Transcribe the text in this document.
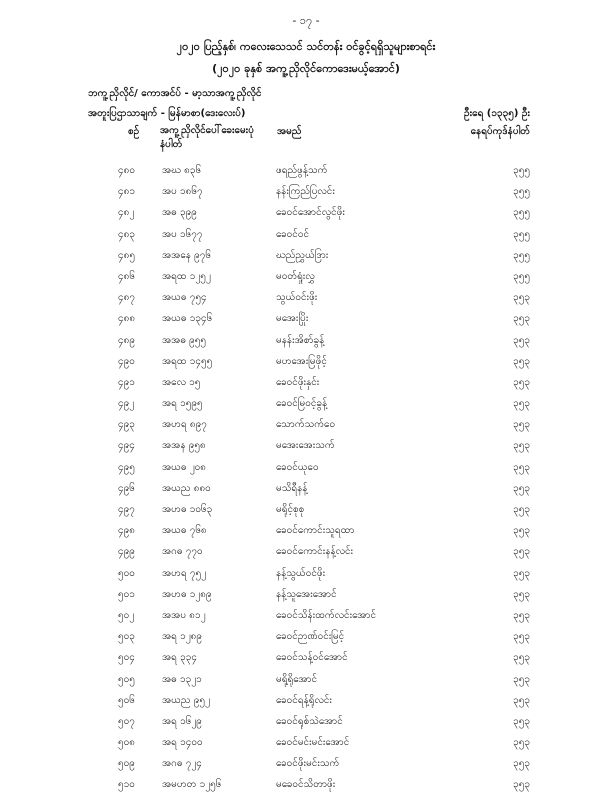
- ၁၇ -
၂၀၂၀ ပြည့်နှစ်၊ ကလေးသေသင် သင်တန်း ဝင်ခွင့်ရရှိသူများစာရင်း
(၂၀၂၀ ခုနှစ် အကူ့ညှိလိုင်ကောဒေးမယ့်အောင်)
ဘကူ့ညှိလိုင်/ ကောအင်ပ် - မာ့သာအကူ့ညှိလိုင်
အတူးပြဌာသာချက် - မြန်မာစာ(ဒေးလေးပ်)	ဦးရေ (၁၃၃၅) ဦး
စဉ် အကူ့ညှိလိုင်ပေါ်ခေးမေးပုံ နံပါတ်
အမည်	နေရပ်ကုဒ်နံပါတ်
၄၈၀	အဃ ၈၃၆	ဖရည်ဖွန့်သက်	၃၅၅
၄၈၁	အပ ၁၈၆၇	နန်းကြည်ပြလင်း	၃၅၅
၄၈၂	အဓ ၃၉၉	ခေဝင်အောင်လွင်ဖိုး	၃၅၅
၄၈၃	အပ ၁၆၇၇	ခေဝင်ဝင်	၃၅၅
၄၈၅	အအနေ ၉၇၆	ဃည်ညွှယ်ဒြား	၃၅၅
၄၈၆	အရထ ၁၂၅၂	မဝတ်ရှုံးလွှ	၃၅၅
၄၈၇	အယဓ ၇၅၄	သွယ်ဝင်းဖိုး	၃၅၃
၄၈၈	အယဓ ၁၃၄၆	မအေးပြိုး	၃၅၃
၄၈၉	အအဓ ၉၅၅	မနန်းအိစာ်ခွန့်	၃၅၃
၄၉၀	အရထ ၁၄၅၅	မဟအေးမြဖိုင့်	၃၅၃
၄၉၁	အလေ ၁၅	ခေဝင်ဖိုးနှင်း	၃၅၃
၄၉၂	အရ ၁၅၉၅	ခေဝင်မြဝင့်ခွန့်	၃၅၃
၄၉၃	အဟရ ၈၉၇	သောက်သက်ဝေ	၃၅၃
၄၉၄	အအန ၉၅၈	မအေးအေးသက်	၃၅၃
၄၉၅	အယဓ ၂၀၈	ခေဝင်ယုဝေ	၃၅၃
၄၉၆	အယည ၈၈၀	မသိရီနန့်	၃၅၃
၄၉၇	အဟဓ ၁၀၆၃	မရိုင့်စုစု	၃၅၃
၄၉၈	အယဓ ၇၆၈	ခေဝင်ကောင်းသူရထာ	၃၅၃
၄၉၉	အဂဓ ၇၇၀	ခေဝင်ကောင်းနန့်လင်း	၃၅၃
၅၀၀	အဟရ ၇၅၂	နန့်သွယ်ဝင်ဖိုး	၃၅၃
၅၀၁	အဟဓ ၁၂၈၉	နန့်သူအေးအောင်	၃၅၃
၅၀၂	အအပ ၈၁၂	ခေဝင်သိန်းထက်လင်းအောင်	၃၅၃
၅၀၃	အရ ၁၂၈၉	ခေဝင်ဉာဏ်ဝင်းမြင့်	၃၅၃
၅၀၄	အရ ၃၃၄	ခေဝင်သန့်ဝင်အောင်	၃၅၃
၅၀၅	အဓ ၁၃၂၁	မရို့ရိုအောင်	၃၅၃
၅၀၆	အယည ၉၅၂	ခေဝင်ရန့်ရိုလင်း	၃၅၃
၅၀၇	အရ ၁၆၂၉	ခေဝင်ရုစ်သဲအောင်	၃၅၃
၅၀၈	အရ ၁၄၀၀	ခေဝင်မင်းမင်းအောင်	၃၅၃
၅၀၉	အဂဓ ၇၂၄	ခေဝင်ဖိုးမင်းသက်	၃၅၃
၅၁၀	အမဟတ ၁၂၅၆	မခေဝင်သိတာဖိုး	၃၅၃
